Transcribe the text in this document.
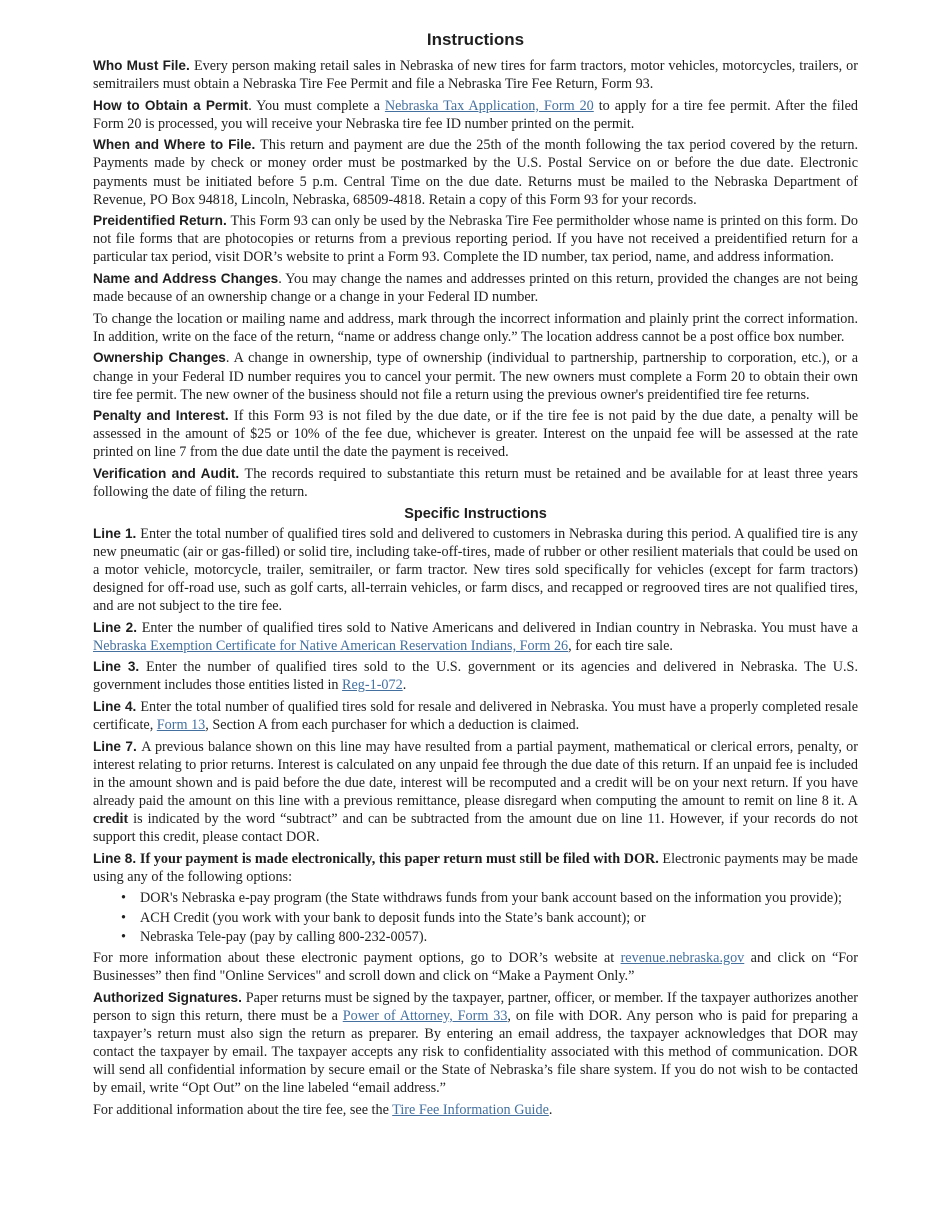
Instructions

Who Must File. Every person making retail sales in Nebraska of new tires for farm tractors, motor vehicles, motorcycles, trailers, or semitrailers must obtain a Nebraska Tire Fee Permit and file a Nebraska Tire Fee Return, Form 93.

How to Obtain a Permit. You must complete a Nebraska Tax Application, Form 20 to apply for a tire fee permit. After the filed Form 20 is processed, you will receive your Nebraska tire fee ID number printed on the permit.

When and Where to File. This return and payment are due the 25th of the month following the tax period covered by the return. Payments made by check or money order must be postmarked by the U.S. Postal Service on or before the due date. Electronic payments must be initiated before 5 p.m. Central Time on the due date. Returns must be mailed to the Nebraska Department of Revenue, PO Box 94818, Lincoln, Nebraska, 68509-4818. Retain a copy of this Form 93 for your records.

Preidentified Return. This Form 93 can only be used by the Nebraska Tire Fee permitholder whose name is printed on this form. Do not file forms that are photocopies or returns from a previous reporting period. If you have not received a preidentified return for a particular tax period, visit DOR’s website to print a Form 93. Complete the ID number, tax period, name, and address information.

Name and Address Changes. You may change the names and addresses printed on this return, provided the changes are not being made because of an ownership change or a change in your Federal ID number.

To change the location or mailing name and address, mark through the incorrect information and plainly print the correct information. In addition, write on the face of the return, “name or address change only.” The location address cannot be a post office box number.

Ownership Changes. A change in ownership, type of ownership (individual to partnership, partnership to corporation, etc.), or a change in your Federal ID number requires you to cancel your permit. The new owners must complete a Form 20 to obtain their own tire fee permit. The new owner of the business should not file a return using the previous owner's preidentified tire fee returns.

Penalty and Interest. If this Form 93 is not filed by the due date, or if the tire fee is not paid by the due date, a penalty will be assessed in the amount of $25 or 10% of the fee due, whichever is greater. Interest on the unpaid fee will be assessed at the rate printed on line 7 from the due date until the date the payment is received.

Verification and Audit. The records required to substantiate this return must be retained and be available for at least three years following the date of filing the return.

Specific Instructions

Line 1. Enter the total number of qualified tires sold and delivered to customers in Nebraska during this period. A qualified tire is any new pneumatic (air or gas-filled) or solid tire, including take-off-tires, made of rubber or other resilient materials that could be used on a motor vehicle, motorcycle, trailer, semitrailer, or farm tractor. New tires sold specifically for vehicles (except for farm tractors) designed for off-road use, such as golf carts, all-terrain vehicles, or farm discs, and recapped or regrooved tires are not qualified tires, and are not subject to the tire fee.

Line 2. Enter the number of qualified tires sold to Native Americans and delivered in Indian country in Nebraska. You must have a Nebraska Exemption Certificate for Native American Reservation Indians, Form 26, for each tire sale.

Line 3. Enter the number of qualified tires sold to the U.S. government or its agencies and delivered in Nebraska. The U.S. government includes those entities listed in Reg-1-072.

Line 4. Enter the total number of qualified tires sold for resale and delivered in Nebraska. You must have a properly completed resale certificate, Form 13, Section A from each purchaser for which a deduction is claimed.

Line 7. A previous balance shown on this line may have resulted from a partial payment, mathematical or clerical errors, penalty, or interest relating to prior returns. Interest is calculated on any unpaid fee through the due date of this return. If an unpaid fee is included in the amount shown and is paid before the due date, interest will be recomputed and a credit will be on your next return. If you have already paid the amount on this line with a previous remittance, please disregard when computing the amount to remit on line 8 it. A credit is indicated by the word “subtract” and can be subtracted from the amount due on line 11. However, if your records do not support this credit, please contact DOR.

Line 8. If your payment is made electronically, this paper return must still be filed with DOR. Electronic payments may be made using any of the following options:

• DOR's Nebraska e-pay program (the State withdraws funds from your bank account based on the information you provide);
• ACH Credit (you work with your bank to deposit funds into the State’s bank account); or
• Nebraska Tele-pay (pay by calling 800-232-0057).

For more information about these electronic payment options, go to DOR’s website at revenue.nebraska.gov and click on “For Businesses” then find "Online Services" and scroll down and click on “Make a Payment Only.”

Authorized Signatures. Paper returns must be signed by the taxpayer, partner, officer, or member. If the taxpayer authorizes another person to sign this return, there must be a Power of Attorney, Form 33, on file with DOR. Any person who is paid for preparing a taxpayer’s return must also sign the return as preparer. By entering an email address, the taxpayer acknowledges that DOR may contact the taxpayer by email. The taxpayer accepts any risk to confidentiality associated with this method of communication. DOR will send all confidential information by secure email or the State of Nebraska’s file share system. If you do not wish to be contacted by email, write “Opt Out” on the line labeled “email address.”

For additional information about the tire fee, see the Tire Fee Information Guide.
